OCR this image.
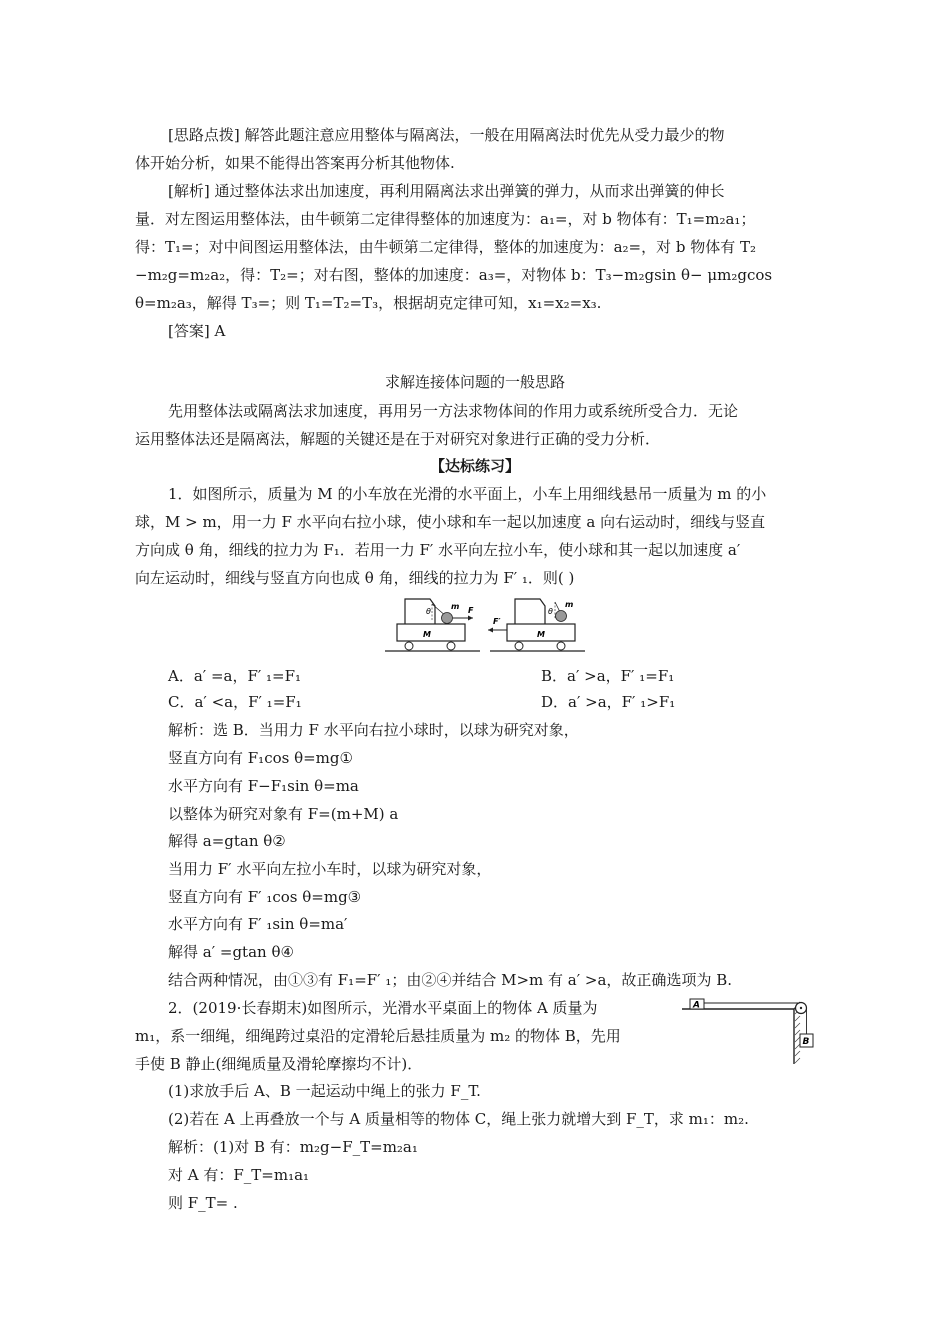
[思路点拨] 解答此题注意应用整体与隔离法，一般在用隔离法时优先从受力最少的物
体开始分析，如果不能得出答案再分析其他物体.
[解析] 通过整体法求出加速度，再利用隔离法求出弹簧的弹力，从而求出弹簧的伸长
量．对左图运用整体法，由牛顿第二定律得整体的加速度为：a₁=，对 b 物体有：T₁=m₂a₁；
得：T₁=；对中间图运用整体法，由牛顿第二定律得，整体的加速度为：a₂=，对 b 物体有 T₂
−m₂g=m₂a₂，得：T₂=；对右图，整体的加速度：a₃=，对物体 b：T₃−m₂gsin θ− μm₂gcos
θ=m₂a₃，解得 T₃=；则 T₁=T₂=T₃，根据胡克定律可知，x₁=x₂=x₃.
[答案] A
求解连接体问题的一般思路
先用整体法或隔离法求加速度，再用另一方法求物体间的作用力或系统所受合力．无论
运用整体法还是隔离法，解题的关键还是在于对研究对象进行正确的受力分析．
【达标练习】
1．如图所示，质量为 M 的小车放在光滑的水平面上，小车上用细线悬吊一质量为 m 的小
球，M > m，用一力 F 水平向右拉小球，使小球和车一起以加速度 a 向右运动时，细线与竖直
方向成 θ 角，细线的拉力为 F₁．若用一力 F′ 水平向左拉小车，使小球和其一起以加速度 a′
向左运动时，细线与竖直方向也成 θ 角，细线的拉力为 F′ ₁．则( )
θ
m F
M
θ
m
F′
M
A．a′ =a，F′ ₁=F₁	B．a′ >a，F′ ₁=F₁
C．a′ <a，F′ ₁=F₁	D．a′ >a，F′ ₁>F₁
解析：选 B．当用力 F 水平向右拉小球时，以球为研究对象，
竖直方向有 F₁cos θ=mg①
水平方向有 F−F₁sin θ=ma
以整体为研究对象有 F=(m+M) a
解得 a=gtan θ②
当用力 F′ 水平向左拉小车时，以球为研究对象，
竖直方向有 F′ ₁cos θ=mg③
水平方向有 F′ ₁sin θ=ma′
解得 a′ =gtan θ④
结合两种情况，由①③有 F₁=F′ ₁；由②④并结合 M>m 有 a′ >a，故正确选项为 B.
2．(2019·长春期末)如图所示，光滑水平桌面上的物体 A 质量为
m₁，系一细绳，细绳跨过桌沿的定滑轮后悬挂质量为 m₂ 的物体 B，先用
手使 B 静止(细绳质量及滑轮摩擦均不计)．
A
B
(1)求放手后 A、B 一起运动中绳上的张力 F_T.
(2)若在 A 上再叠放一个与 A 质量相等的物体 C，绳上张力就增大到 F_T，求 m₁：m₂.
解析：(1)对 B 有：m₂g−F_T=m₂a₁
对 A 有：F_T=m₁a₁
则 F_T= .
